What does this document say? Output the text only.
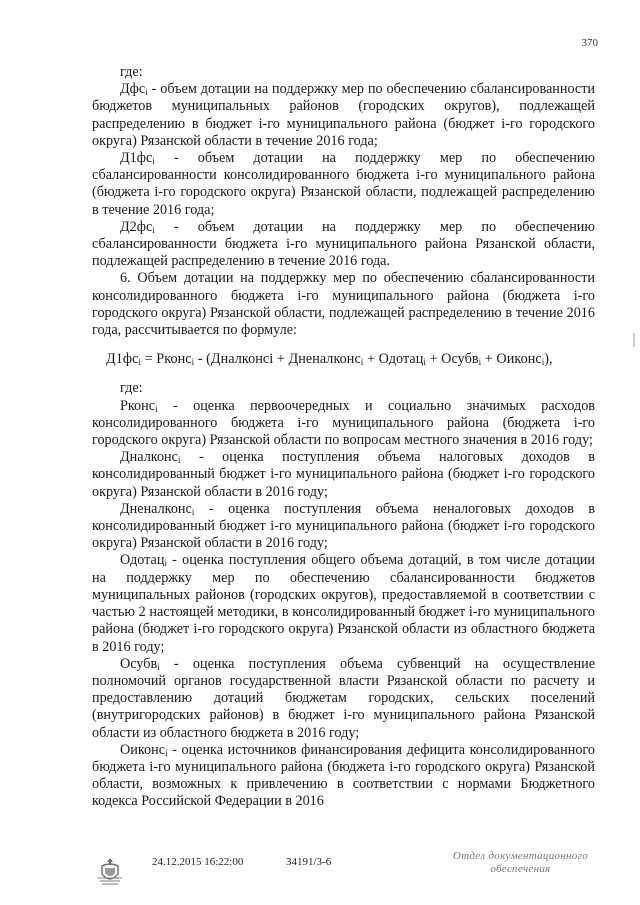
370

где:

Дфс$_i$ - объем дотации на поддержку мер по обеспечению сбалансированности бюджетов муниципальных районов (городских округов), подлежащей распределению в бюджет i-го муниципального района (бюджет i-го городского округа) Рязанской области в течение 2016 года;

$Д1фс_i$ - объем дотации на поддержку мер по обеспечению сбалансированности консолидированного бюджета i-го муниципального района (бюджета i-го городского округа) Рязанской области, подлежащей распределению в течение 2016 года;

$Д2фс_i$ - объем дотации на поддержку мер по обеспечению сбалансированности бюджета i-го муниципального района Рязанской области, подлежащей распределению в течение 2016 года.

6. Объем дотации на поддержку мер по обеспечению сбалансированности консолидированного бюджета i-го муниципального района (бюджета i-го городского округа) Рязанской области, подлежащей распределению в течение 2016 года, рассчитывается по формуле:

$Д1фс_i$ = Рконс$_i$ - (Дналконсi + Дненалконс$_i$ + Одотац$_i$ + Осубв$_i$ + Оиконс$_i$),

где:

Рконс$_i$ - оценка первоочередных и социально значимых расходов консолидированного бюджета i-го муниципального района (бюджета i-го городского округа) Рязанской области по вопросам местного значения в 2016 году;

Дналконс$_i$ - оценка поступления объема налоговых доходов в консолидированный бюджет i-го муниципального района (бюджет i-го городского округа) Рязанской области в 2016 году;

Дненалконс$_i$ - оценка поступления объема неналоговых доходов в консолидированный бюджет i-го муниципального района (бюджет i-го городского округа) Рязанской области в 2016 году;

Одотац$_i$ - оценка поступления общего объема дотаций, в том числе дотации на поддержку мер по обеспечению сбалансированности бюджетов муниципальных районов (городских округов), предоставляемой в соответствии с частью 2 настоящей методики, в консолидированный бюджет i-го муниципального района (бюджет i-го городского округа) Рязанской области из областного бюджета в 2016 году;

Осубв$_i$ - оценка поступления объема субвенций на осуществление полномочий органов государственной власти Рязанской области по расчету и предоставлению дотаций бюджетам городских, сельских поселений (внутригородских районов) в бюджет i-го муниципального района Рязанской области из областного бюджета в 2016 году;

Оиконс$_i$ - оценка источников финансирования дефицита консолидированного бюджета i-го муниципального района (бюджета i-го городского округа) Рязанской области, возможных к привлечению в соответствии с нормами Бюджетного кодекса Российской Федерации в 2016

24.12.2015 16:22:00	34191/3-6	Отдел документационного
обеспечения
